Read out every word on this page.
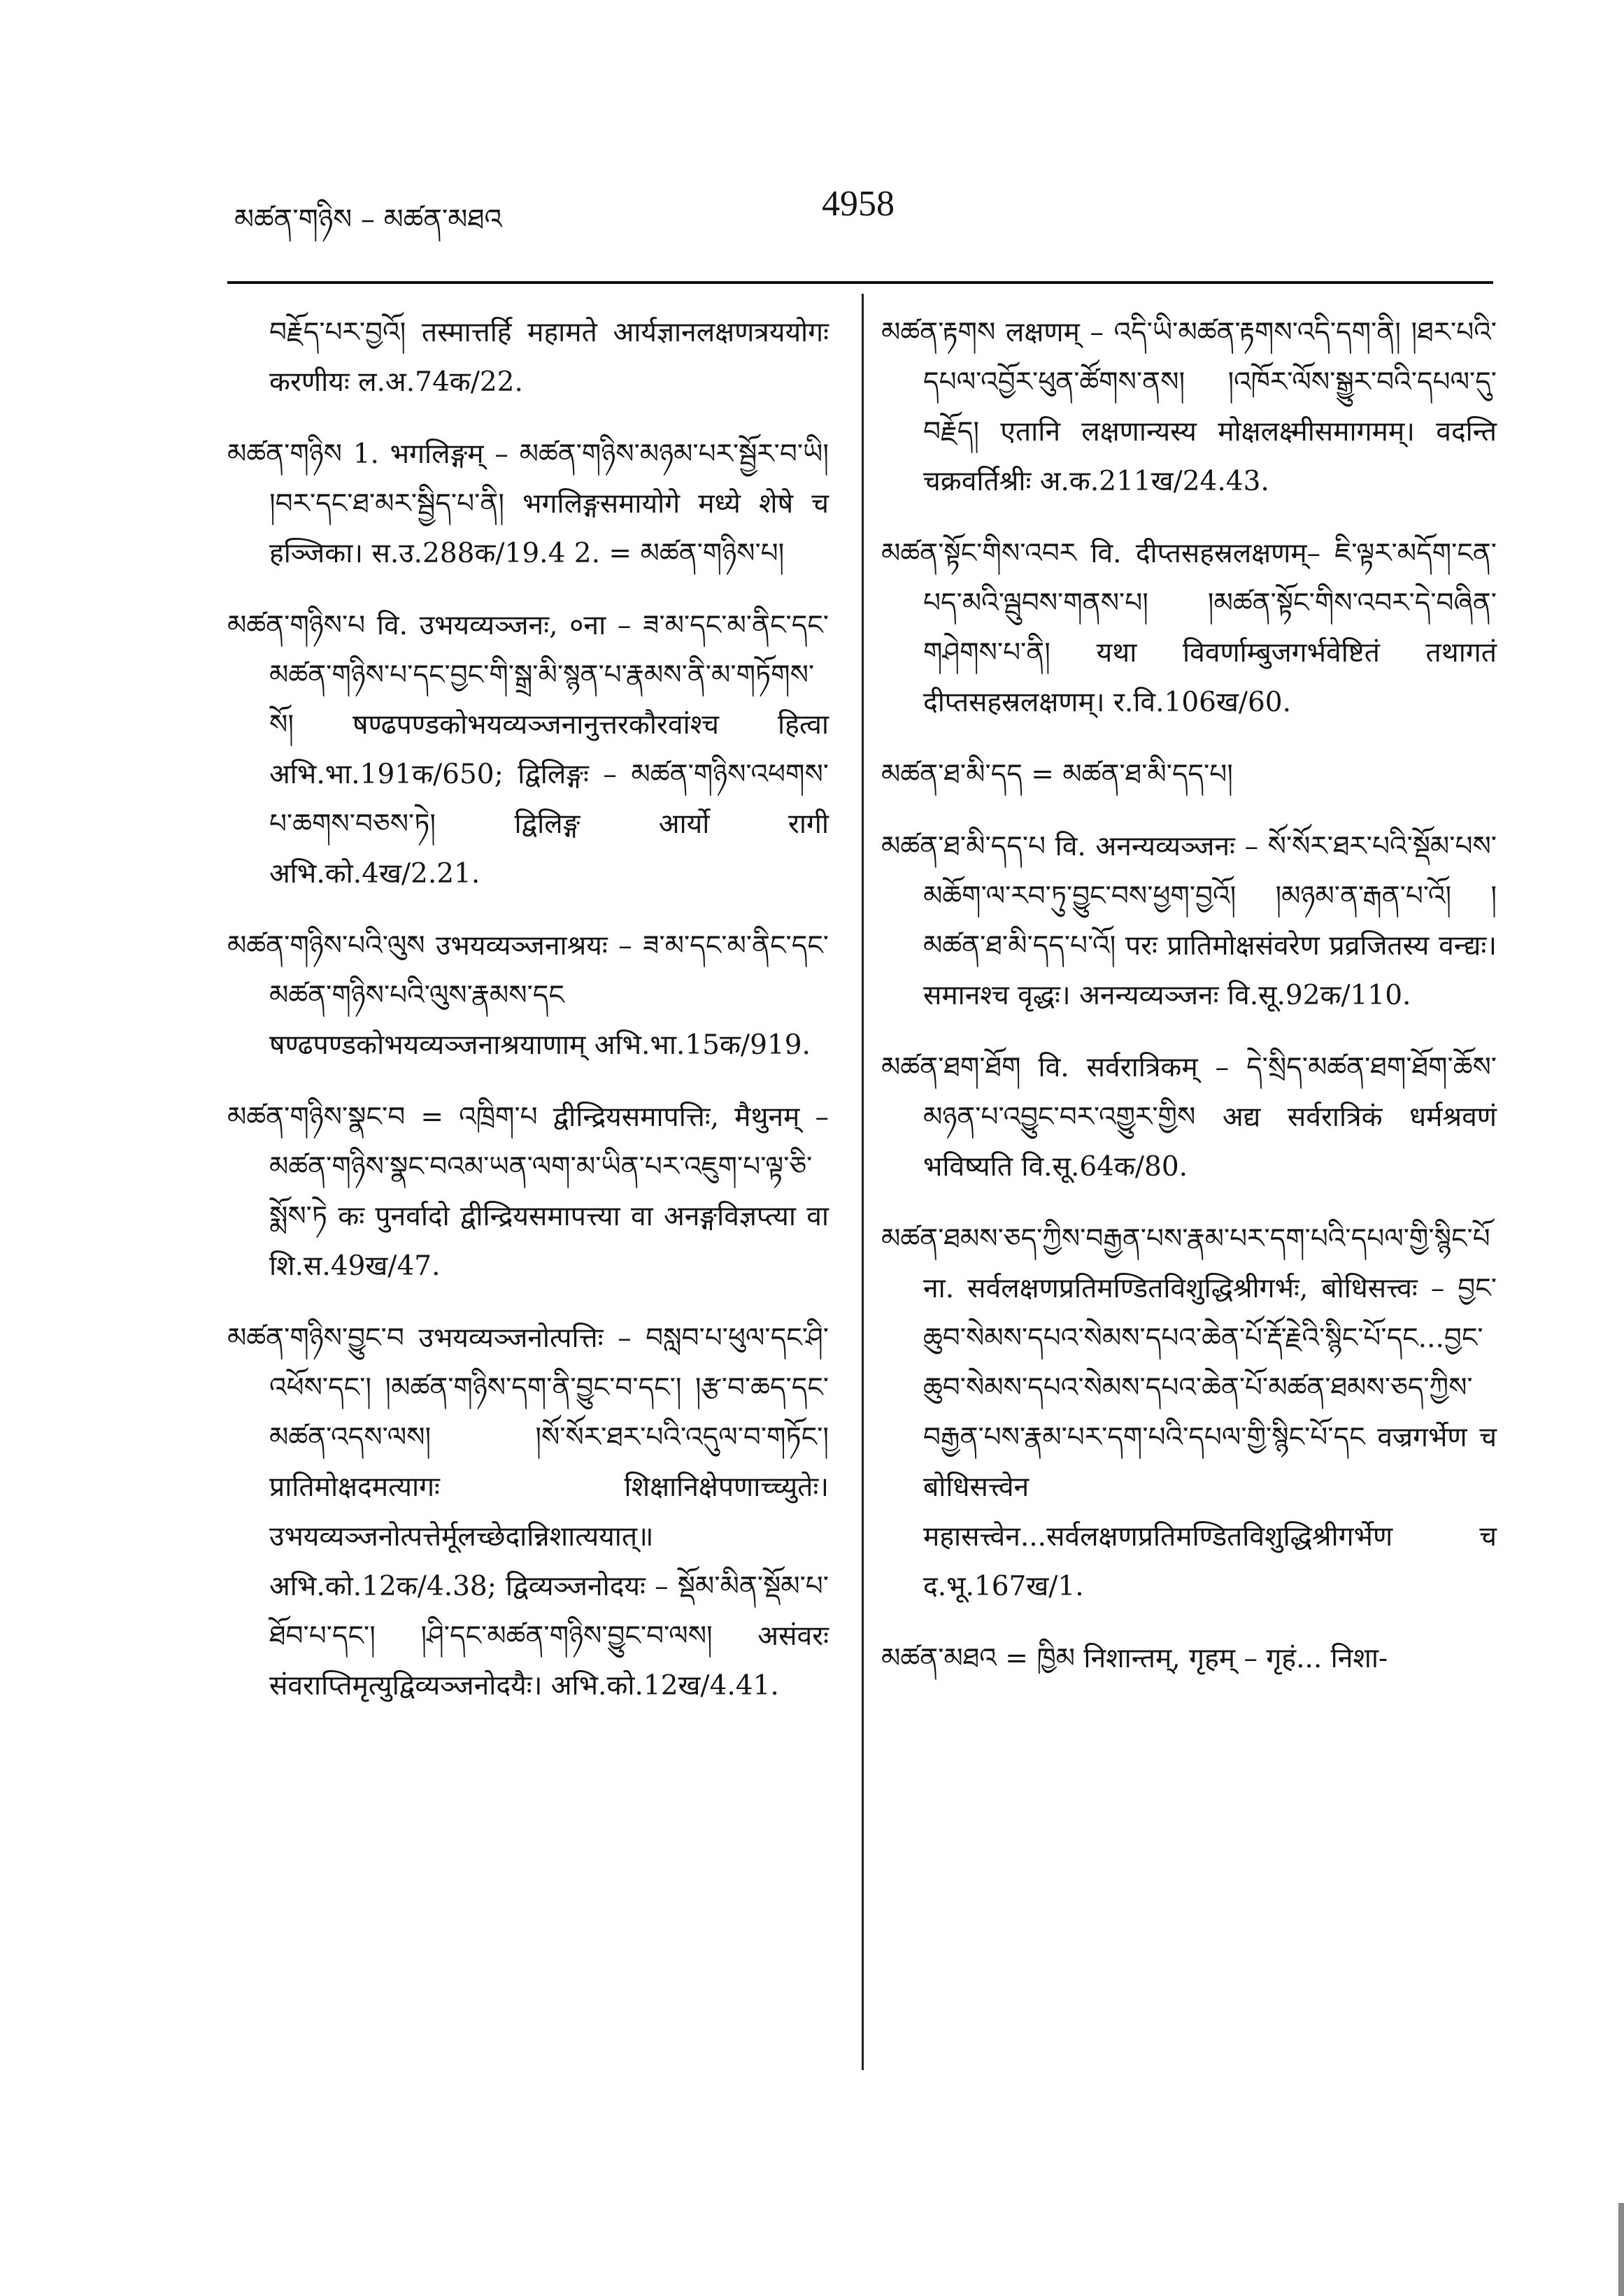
མཚན་གཉིས – མཚན་མཐའ	4958

བརྗོད་པར་བྱའོ། तस्मात्तर्हि महामते आर्यज्ञानलक्षणत्रययोगः करणीयः ल.अ.74क/22.

མཚན་གཉིས 1. भगलिङ्गम् – མཚན་གཉིས་མཉམ་པར་སྦྱོར་བ་ཡི། །བར་དང་ཐ་མར་སྦྱིད་པ་ནི། भगलिङ्गसमायोगे मध्ये शेषे च हञ्जिका। स.उ.288क/19.4 2. = མཚན་གཉིས་པ།

མཚན་གཉིས་པ वि. उभयव्यञ्जनः, ०ना – ཟ་མ་དང་མ་ནིང་དང་མཚན་གཉིས་པ་དང་བྱང་གི་སྒྲ་མི་སྙན་པ་རྣམས་ནི་མ་གཏོགས་སོ། षण्ढपण्डकोभयव्यञ्जनानुत्तरकौरवांश्च हित्वा अभि.भा.191क/650; द्विलिङ्गः – མཚན་གཉིས་འཕགས་པ་ཆགས་བཅས་ཏེ། द्विलिङ्ग आर्यो रागी अभि.को.4ख/2.21.

མཚན་གཉིས་པའི་ལུས उभयव्यञ्जनाश्रयः – ཟ་མ་དང་མ་ནིང་དང་མཚན་གཉིས་པའི་ལུས་རྣམས་དང षण्ढपण्डकोभयव्यञ्जनाश्रयाणाम् अभि.भा.15क/919.

མཚན་གཉིས་སྣང་བ = འཁྲིག་པ द्वीन्द्रियसमापत्तिः, मैथुनम् – མཚན་གཉིས་སྣང་བའམ་ཡན་ལག་མ་ཡིན་པར་འཇུག་པ་ལྟ་ཅི་སྨོས་ཏེ कः पुनर्वादो द्वीन्द्रियसमापत्त्या वा अनङ्गविज्ञप्त्या वा शि.स.49ख/47.

མཚན་གཉིས་བྱུང་བ उभयव्यञ्जनोत्पत्तिः – བསླབ་པ་ཕུལ་དང་ཤི་འཕོས་དང་། །མཚན་གཉིས་དག་ནི་བྱུང་བ་དང་། །རྩ་བ་ཆད་དང་མཚན་འདས་ལས། །སོ་སོར་ཐར་པའི་འདུལ་བ་གཏོང་། प्रातिमोक्षदमत्यागः शिक्षानिक्षेपणाच्च्युतेः। उभयव्यञ्जनोत्पत्तेर्मूलच्छेदान्निशात्ययात्॥ अभि.को.12क/4.38; द्विव्यञ्जनोदयः – སྡོམ་མིན་སྡོམ་པ་ཐོབ་པ་དང་། །ཤི་དང་མཚན་གཉིས་བྱུང་བ་ལས། असंवरः संवराप्तिमृत्युद्विव्यञ्जनोदयैः। अभि.को.12ख/4.41.

མཚན་རྟགས लक्षणम् – འདི་ཡི་མཚན་རྟགས་འདི་དག་ནི། །ཐར་པའི་དཔལ་འབྱོར་ཕུན་ཚོགས་ནས། །འཁོར་ལོས་སྒྱུར་བའི་དཔལ་དུ་བརྗོད། एतानि लक्षणान्यस्य मोक्षलक्ष्मीसमागमम्। वदन्ति चक्रवर्तिश्रीः अ.क.211ख/24.43.

མཚན་སྟོང་གིས་འབར वि. दीप्तसहस्रलक्षणम्– ཇི་ལྟར་མདོག་ངན་པད་མའི་ལྦུབས་གནས་པ། །མཚན་སྟོང་གིས་འབར་དེ་བཞིན་གཤེགས་པ་ནི། यथा विवर्णाम्बुजगर्भवेष्टितं तथागतं दीप्तसहस्रलक्षणम्। र.वि.106ख/60.

མཚན་ཐ་མི་དད = མཚན་ཐ་མི་དད་པ།

མཚན་ཐ་མི་དད་པ वि. अनन्यव्यञ्जनः – སོ་སོར་ཐར་པའི་སྡོམ་པས་མཆོག་ལ་རབ་ཏུ་བྱུང་བས་ཕྱག་བྱའོ། །མཉམ་ན་རྒན་པ་འོ། །མཚན་ཐ་མི་དད་པ་འོ། परः प्रातिमोक्षसंवरेण प्रव्रजितस्य वन्द्यः। समानश्च वृद्धः। अनन्यव्यञ्जनः वि.सू.92क/110.

མཚན་ཐག་ཐོག वि. सर्वरात्रिकम् – དེ་སྲིད་མཚན་ཐག་ཐོག་ཆོས་མཉན་པ་འབྱུང་བར་འགྱུར་གྱིས अद्य सर्वरात्रिकं धर्मश्रवणं भविष्यति वि.सू.64क/80.

མཚན་ཐམས་ཅད་ཀྱིས་བརྒྱན་པས་རྣམ་པར་དག་པའི་དཔལ་གྱི་སྙིང་པོ ना. सर्वलक्षणप्रतिमण्डितविशुद्धिश्रीगर्भः, बोधिसत्त्वः – བྱང་ཆུབ་སེམས་དཔའ་སེམས་དཔའ་ཆེན་པོ་རྡོ་རྗེའི་སྙིང་པོ་དང...བྱང་ཆུབ་སེམས་དཔའ་སེམས་དཔའ་ཆེན་པོ་མཚན་ཐམས་ཅད་ཀྱིས་བརྒྱན་པས་རྣམ་པར་དག་པའི་དཔལ་གྱི་སྙིང་པོ་དང वज्रगर्भेण च बोधिसत्त्वेन महासत्त्वेन...सर्वलक्षणप्रतिमण्डितविशुद्धिश्रीगर्भेण च द.भू.167ख/1.

མཚན་མཐའ = ཁྱིམ निशान्तम्, गृहम् – गृहं... निशा-
